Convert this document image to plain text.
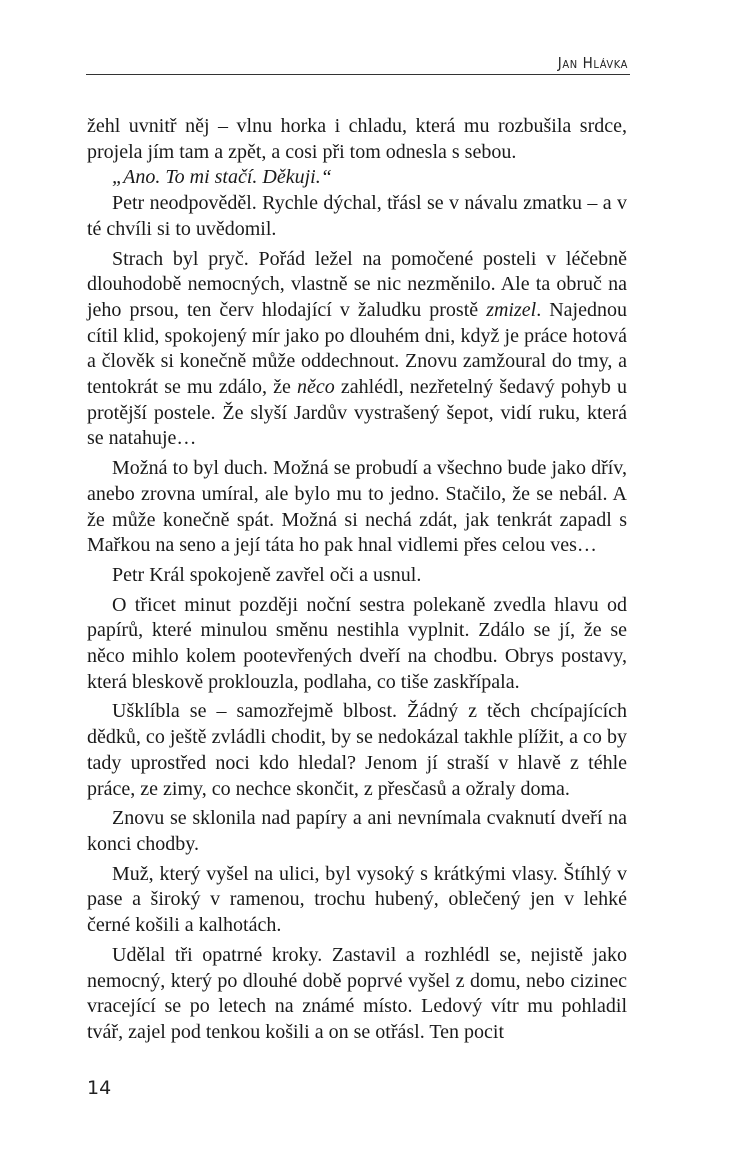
Jan Hlávka

žehl uvnitř něj – vlnu horka i chladu, která mu rozbušila srdce, projela jím tam a zpět, a cosi při tom odnesla s sebou.

„Ano. To mi stačí. Děkuji.“

Petr neodpověděl. Rychle dýchal, třásl se v návalu zmatku – a v té chvíli si to uvědomil.

Strach byl pryč. Pořád ležel na pomočené posteli v léčebně dlouhodobě nemocných, vlastně se nic nezměnilo. Ale ta obruč na jeho prsou, ten červ hlodající v žaludku prostě zmizel. Najednou cítil klid, spokojený mír jako po dlouhém dni, když je práce hotová a člověk si konečně může oddechnout. Znovu zamžoural do tmy, a tentokrát se mu zdálo, že něco zahlédl, nezřetelný šedavý pohyb u protější postele. Že slyší Jardův vystrašený šepot, vidí ruku, která se natahuje…

Možná to byl duch. Možná se probudí a všechno bude jako dřív, anebo zrovna umíral, ale bylo mu to jedno. Stačilo, že se nebál. A že může konečně spát. Možná si nechá zdát, jak tenkrát zapadl s Mařkou na seno a její táta ho pak hnal vidlemi přes celou ves…

Petr Král spokojeně zavřel oči a usnul.

O třicet minut později noční sestra polekaně zvedla hlavu od papírů, které minulou směnu nestihla vyplnit. Zdálo se jí, že se něco mihlo kolem pootevřených dveří na chodbu. Obrys postavy, která bleskově proklouzla, podlaha, co tiše zaskřípala.

Ušklíbla se – samozřejmě blbost. Žádný z těch chcípajících dědků, co ještě zvládli chodit, by se nedokázal takhle plížit, a co by tady uprostřed noci kdo hledal? Jenom jí straší v hlavě z téhle práce, ze zimy, co nechce skončit, z přesčasů a ožraly doma.

Znovu se sklonila nad papíry a ani nevnímala cvaknutí dveří na konci chodby.

Muž, který vyšel na ulici, byl vysoký s krátkými vlasy. Štíhlý v pase a široký v ramenou, trochu hubený, oblečený jen v lehké černé košili a kalhotách.

Udělal tři opatrné kroky. Zastavil a rozhlédl se, nejistě jako nemocný, který po dlouhé době poprvé vyšel z domu, nebo cizinec vracející se po letech na známé místo. Ledový vítr mu pohladil tvář, zajel pod tenkou košili a on se otřásl. Ten pocit

14
